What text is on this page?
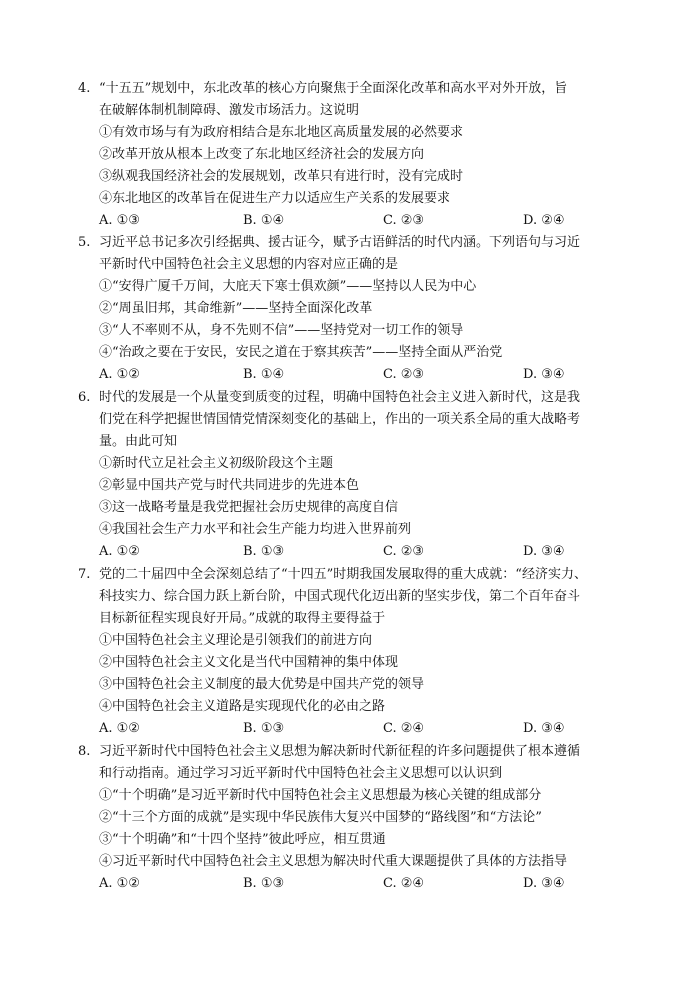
4. “十五五”规划中，东北改革的核心方向聚焦于全面深化改革和高水平对外开放，旨
在破解体制机制障碍、激发市场活力。这说明
①有效市场与有为政府相结合是东北地区高质量发展的必然要求
②改革开放从根本上改变了东北地区经济社会的发展方向
③纵观我国经济社会的发展规划，改革只有进行时，没有完成时
④东北地区的改革旨在促进生产力以适应生产关系的发展要求
A. ①③	B. ①④	C. ②③	D. ②④
5. 习近平总书记多次引经据典、援古证今，赋予古语鲜活的时代内涵。下列语句与习近
平新时代中国特色社会主义思想的内容对应正确的是
①“安得广厦千万间，大庇天下寒士俱欢颜”——坚持以人民为中心
②“周虽旧邦，其命维新”——坚持全面深化改革
③“人不率则不从，身不先则不信”——坚持党对一切工作的领导
④“治政之要在于安民，安民之道在于察其疾苦”——坚持全面从严治党
A. ①②	B. ①④	C. ②③	D. ③④
6. 时代的发展是一个从量变到质变的过程，明确中国特色社会主义进入新时代，这是我
们党在科学把握世情国情党情深刻变化的基础上，作出的一项关系全局的重大战略考
量。由此可知
①新时代立足社会主义初级阶段这个主题
②彰显中国共产党与时代共同进步的先进本色
③这一战略考量是我党把握社会历史规律的高度自信
④我国社会生产力水平和社会生产能力均进入世界前列
A. ①②	B. ①③	C. ②③	D. ③④
7. 党的二十届四中全会深刻总结了“十四五”时期我国发展取得的重大成就：“经济实力、
科技实力、综合国力跃上新台阶，中国式现代化迈出新的坚实步伐，第二个百年奋斗
目标新征程实现良好开局。”成就的取得主要得益于
①中国特色社会主义理论是引领我们的前进方向
②中国特色社会主义文化是当代中国精神的集中体现
③中国特色社会主义制度的最大优势是中国共产党的领导
④中国特色社会主义道路是实现现代化的必由之路
A. ①②	B. ①③	C. ②④	D. ③④
8. 习近平新时代中国特色社会主义思想为解决新时代新征程的许多问题提供了根本遵循
和行动指南。通过学习习近平新时代中国特色社会主义思想可以认识到
①“十个明确”是习近平新时代中国特色社会主义思想最为核心关键的组成部分
②“十三个方面的成就”是实现中华民族伟大复兴中国梦的“路线图”和“方法论”
③“十个明确”和“十四个坚持”彼此呼应，相互贯通
④习近平新时代中国特色社会主义思想为解决时代重大课题提供了具体的方法指导
A. ①②	B. ①③	C. ②④	D. ③④
